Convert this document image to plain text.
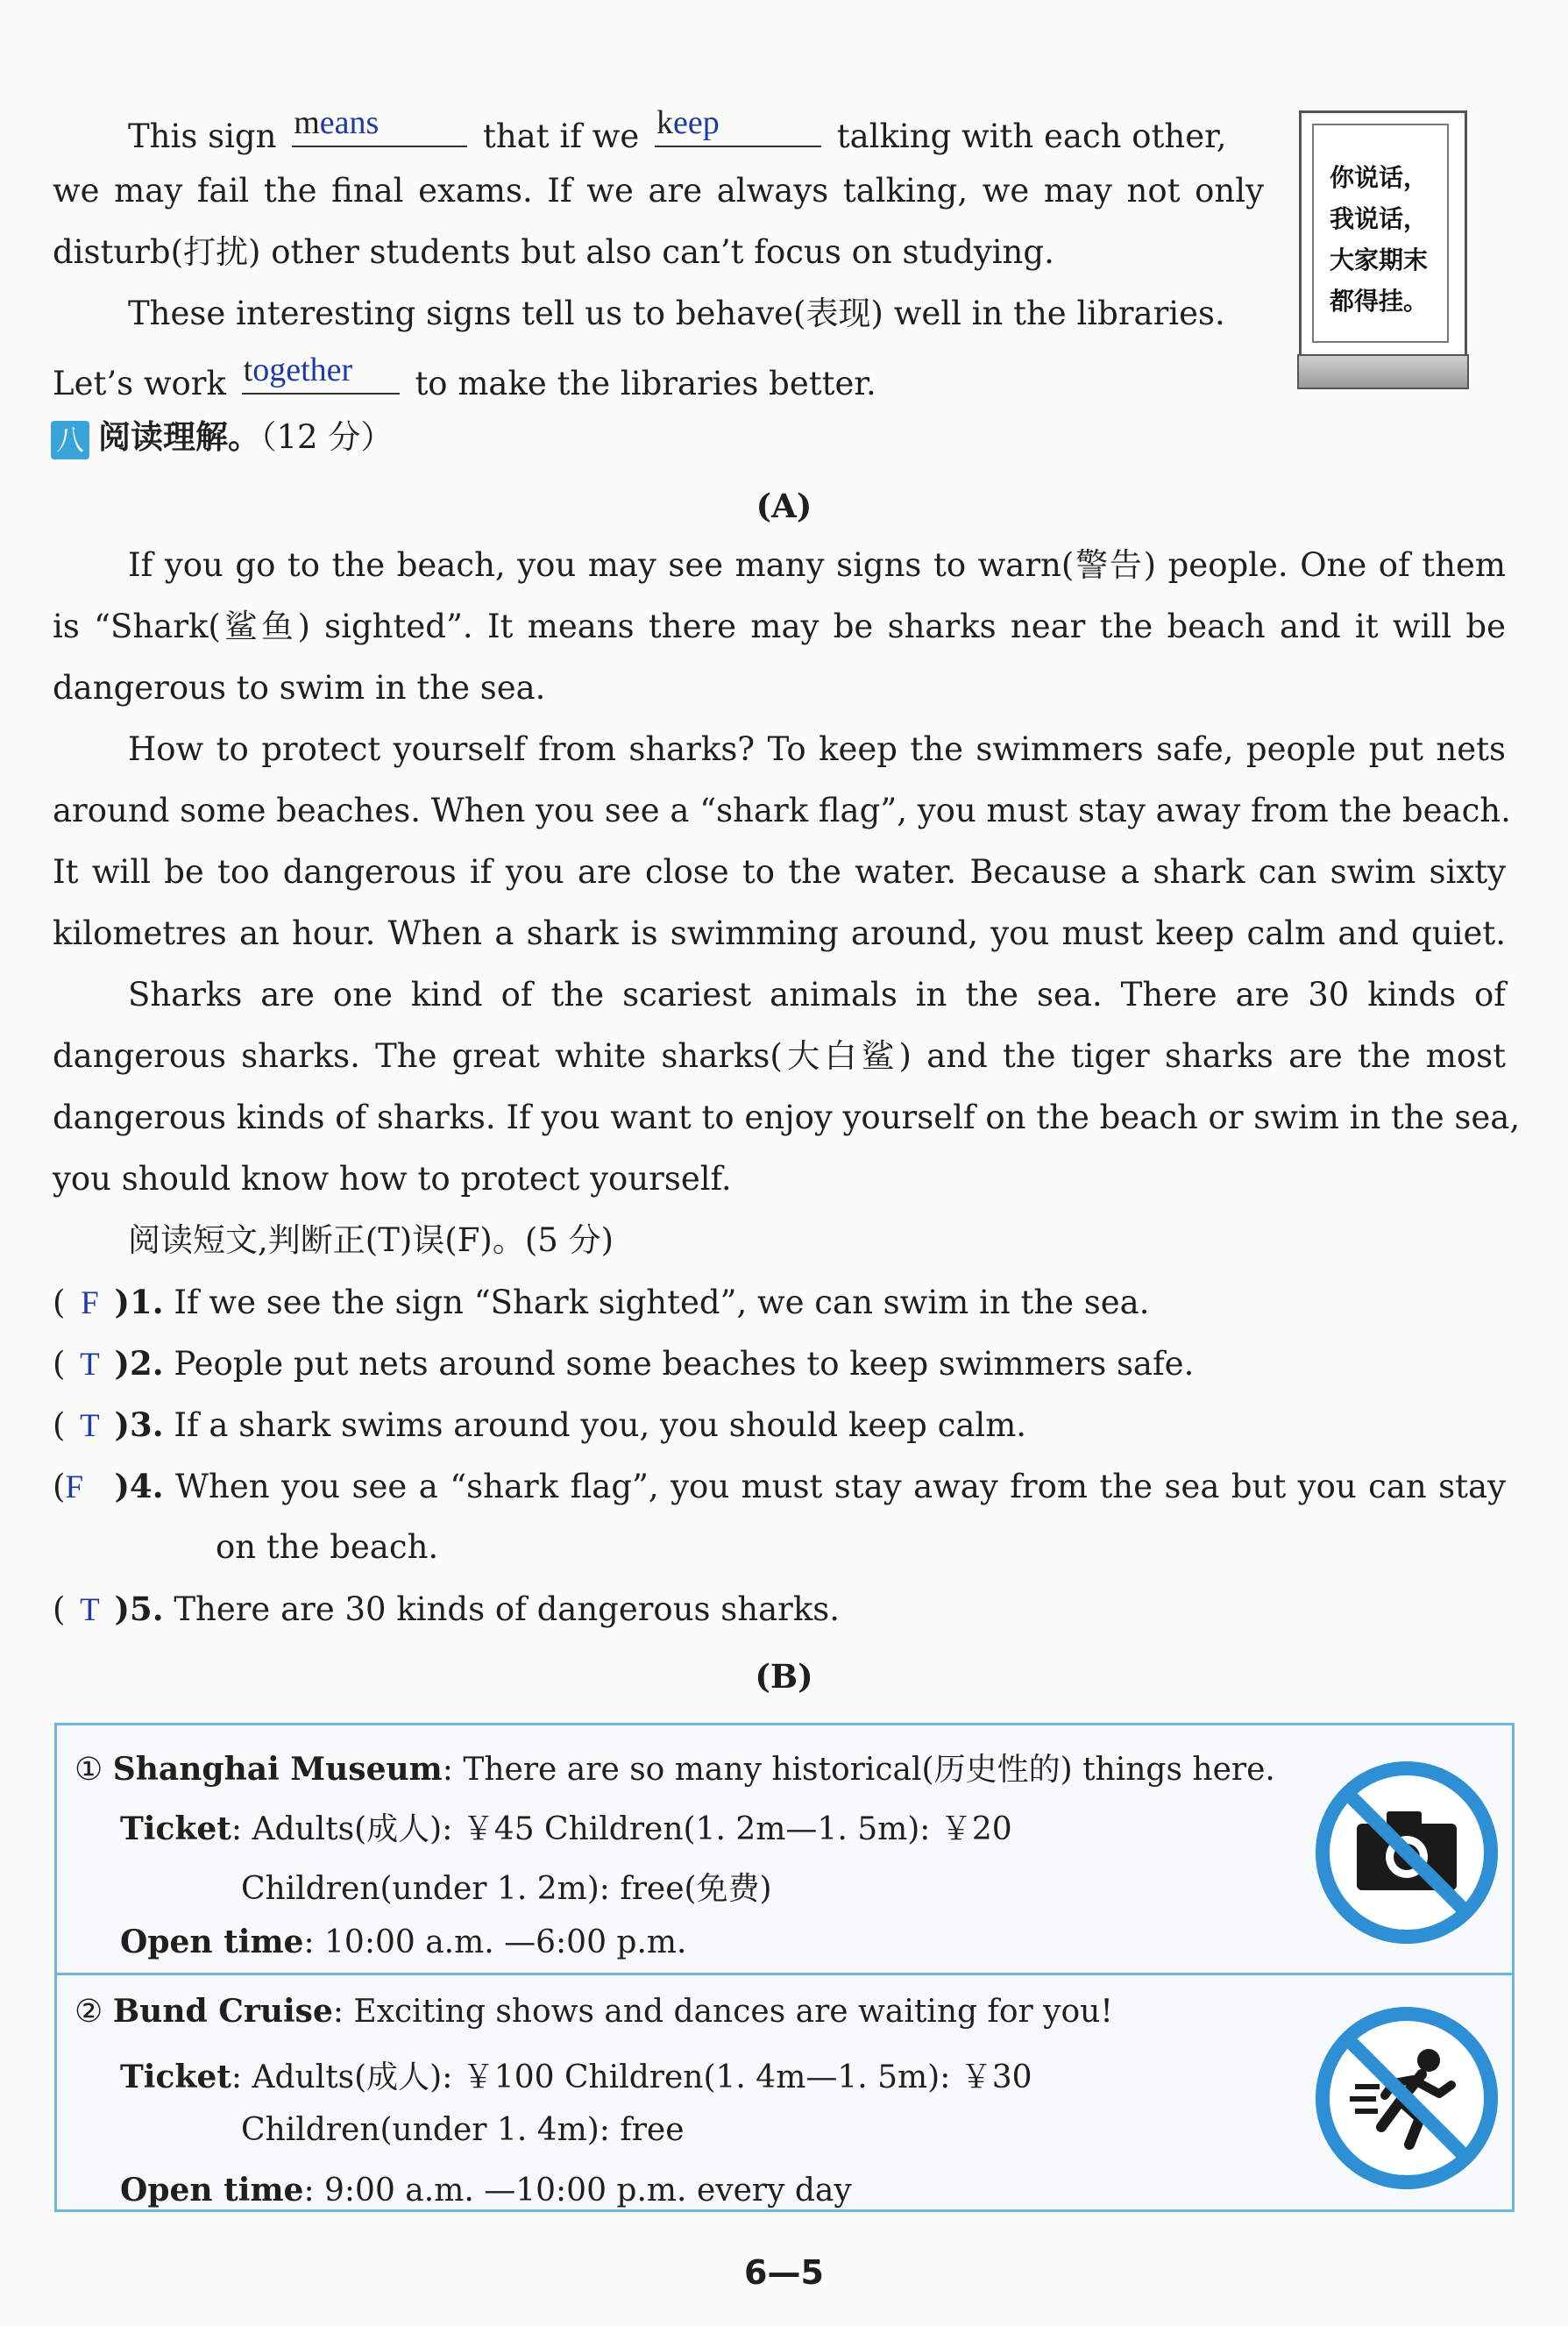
This sign means	that if we keep	talking with each other,
we may fail the final exams. If we are always talking, we may not only
disturb(打扰) other students but also can’t focus on studying.
These interesting signs tell us to behave(表现) well in the libraries.
Let’s work together to make the libraries better.
你说话，
我说话，
大家期末
都得挂。
八 阅读理解。（12 分）
(A)
If you go to the beach, you may see many signs to warn(警告) people. One of them
is “Shark(鲨鱼) sighted”. It means there may be sharks near the beach and it will be
dangerous to swim in the sea.
How to protect yourself from sharks? To keep the swimmers safe, people put nets
around some beaches. When you see a “shark flag”, you must stay away from the beach.
It will be too dangerous if you are close to the water. Because a shark can swim sixty
kilometres an hour. When a shark is swimming around, you must keep calm and quiet.
Sharks are one kind of the scariest animals in the sea. There are 30 kinds of
dangerous sharks. The great white sharks(大白鲨) and the tiger sharks are the most
dangerous kinds of sharks. If you want to enjoy yourself on the beach or swim in the sea,
you should know how to protect yourself.
阅读短文,判断正(T)误(F)。(5 分)
( F )1. If we see the sign “Shark sighted”, we can swim in the sea.
( T )2. People put nets around some beaches to keep swimmers safe.
( T )3. If a shark swims around you, you should keep calm.
(F )4. When you see a “shark flag”, you must stay away from the sea but you can stay
on the beach.
( T )5. There are 30 kinds of dangerous sharks.
(B)
① Shanghai Museum: There are so many historical(历史性的) things here.
Ticket: Adults(成人): ￥45 Children(1. 2m—1. 5m): ￥20
Children(under 1. 2m): free(免费)
Open time: 10:00 a.m. —6:00 p.m.
② Bund Cruise: Exciting shows and dances are waiting for you!
Ticket: Adults(成人): ￥100 Children(1. 4m—1. 5m): ￥30
Children(under 1. 4m): free
Open time: 9:00 a.m. —10:00 p.m. every day
6—5
